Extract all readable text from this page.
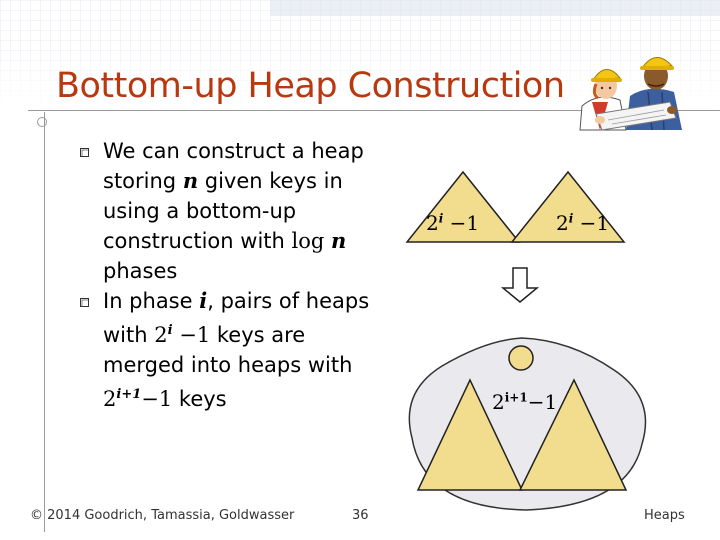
Bottom-up Heap Construction
We can construct a heap storing n given keys in using a bottom-up construction with log n phases
In phase i, pairs of heaps with $2^i -1$ keys are merged into heaps with $2^{i+1}-1$ keys
$2^i -1$	$2^i -1$
$2^{i+1}-1$
© 2014 Goodrich, Tamassia, Goldwasser	36	Heaps
